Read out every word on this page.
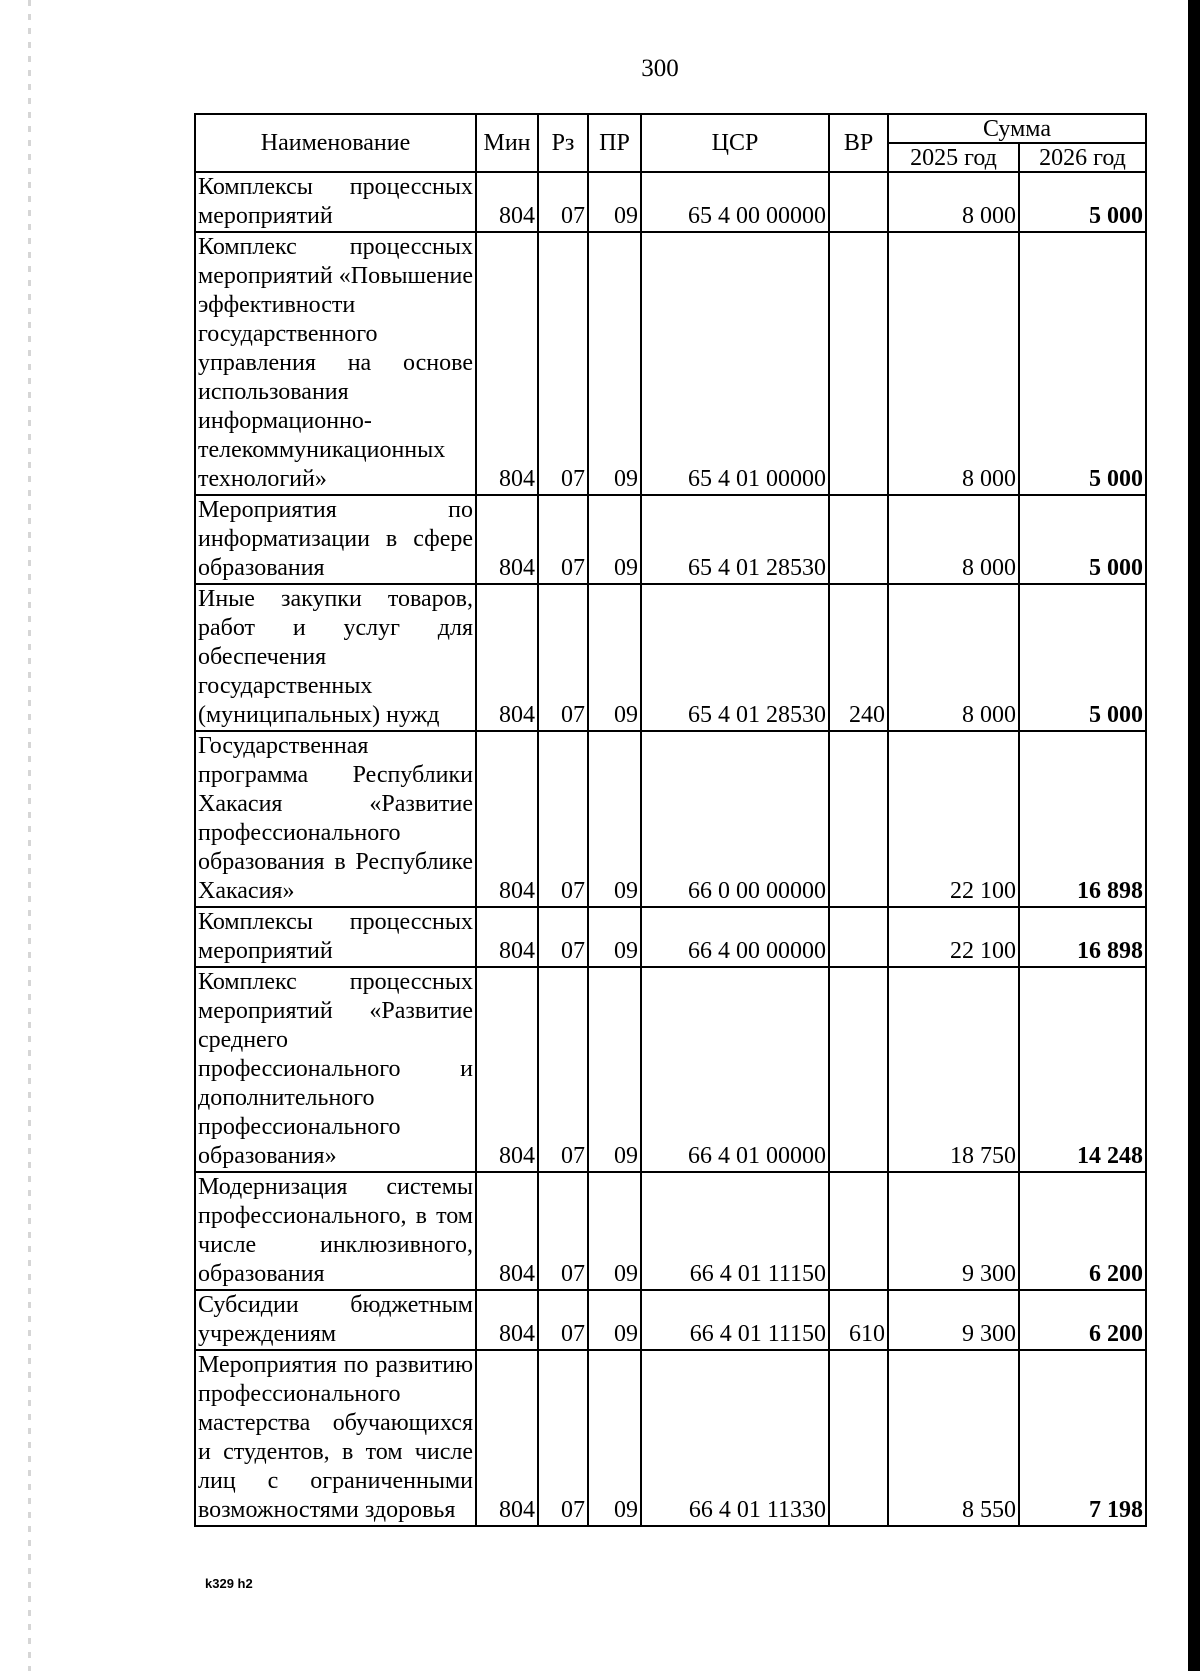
300
Наименование	Мин	Рз	ПР	ЦСР	ВР	Сумма	
						2025 год	2026 год
Комплексы процессных мероприятий	804	07	09	65 4 00 00000		8 000	5 000
Комплекс процессных мероприятий «Повышение эффективности государственного управления на основе использования информационно-телекоммуникационных технологий»	804	07	09	65 4 01 00000		8 000	5 000
Мероприятия по информатизации в сфере образования	804	07	09	65 4 01 28530		8 000	5 000
Иные закупки товаров, работ и услуг для обеспечения государственных (муниципальных) нужд	804	07	09	65 4 01 28530	240	8 000	5 000
Государственная программа Республики Хакасия «Развитие профессионального образования в Республике Хакасия»	804	07	09	66 0 00 00000		22 100	16 898
Комплексы процессных мероприятий	804	07	09	66 4 00 00000		22 100	16 898
Комплекс процессных мероприятий «Развитие среднего профессионального и дополнительного профессионального образования»	804	07	09	66 4 01 00000		18 750	14 248
Модернизация системы профессионального, в том числе инклюзивного, образования	804	07	09	66 4 01 11150		9 300	6 200
Субсидии бюджетным учреждениям	804	07	09	66 4 01 11150	610	9 300	6 200
Мероприятия по развитию профессионального мастерства обучающихся и студентов, в том числе лиц с ограниченными возможностями здоровья	804	07	09	66 4 01 11330		8 550	7 198
k329 h2
